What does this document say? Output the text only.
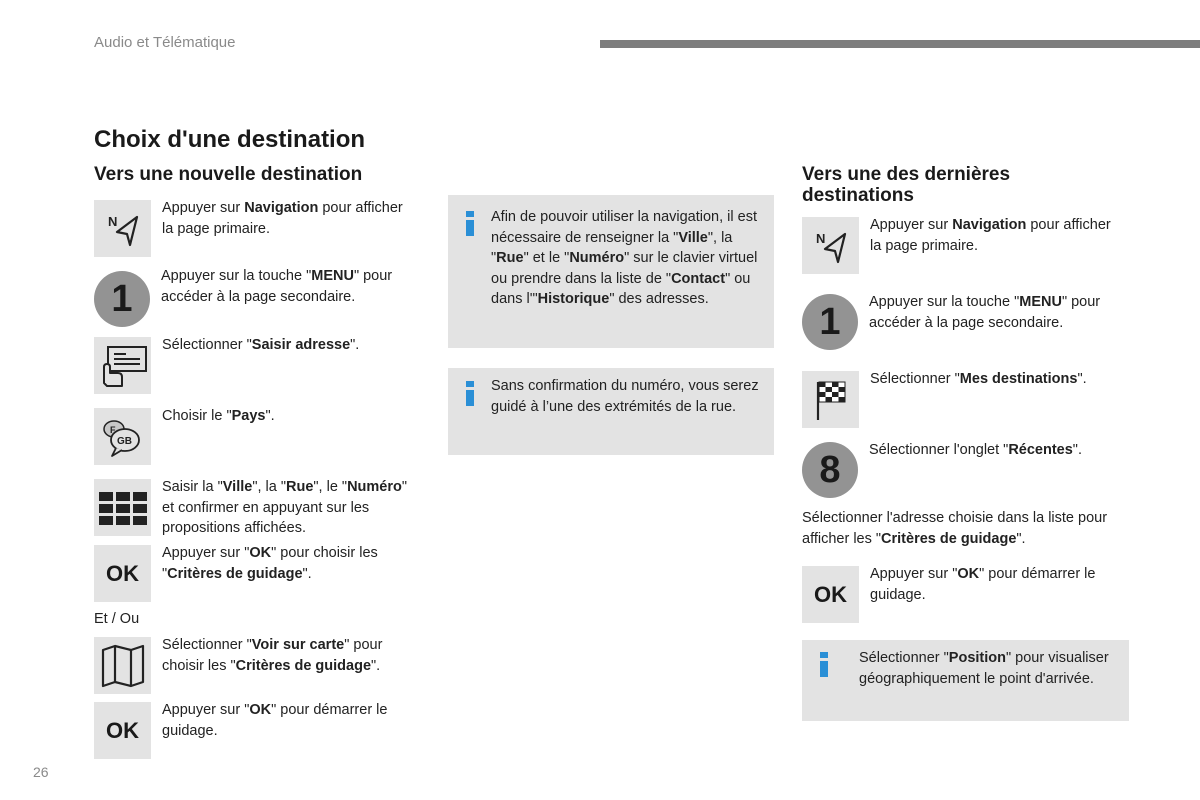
Audio et Télématique
Choix d'une destination
Vers une nouvelle destination
N
Appuyer sur Navigation pour afficher la page primaire.
1
Appuyer sur la touche "MENU" pour accéder à la page secondaire.
Sélectionner "Saisir adresse".
F
GB
Choisir le "Pays".
Saisir la "Ville", la "Rue", le "Numéro" et confirmer en appuyant sur les propositions affichées.
OK
Appuyer sur "OK" pour choisir les "Critères de guidage".
Et / Ou
Sélectionner "Voir sur carte" pour choisir les "Critères de guidage".
OK
Appuyer sur "OK" pour démarrer le guidage.
Afin de pouvoir utiliser la navigation, il est nécessaire de renseigner la "Ville", la "Rue" et le "Numéro" sur le clavier virtuel ou prendre dans la liste de "Contact" ou dans l'"Historique" des adresses.
Sans confirmation du numéro, vous serez guidé à l’une des extrémités de la rue.
Vers une des dernières destinations
N
Appuyer sur Navigation pour afficher la page primaire.
1	Appuyer sur la touche "MENU" pour accéder à la page secondaire.
Sélectionner "Mes destinations".
8	Sélectionner l'onglet "Récentes".
Sélectionner l'adresse choisie dans la liste pour afficher les "Critères de guidage".
OK
Appuyer sur "OK" pour démarrer le guidage.
Sélectionner "Position" pour visualiser géographiquement le point d'arrivée.
26
